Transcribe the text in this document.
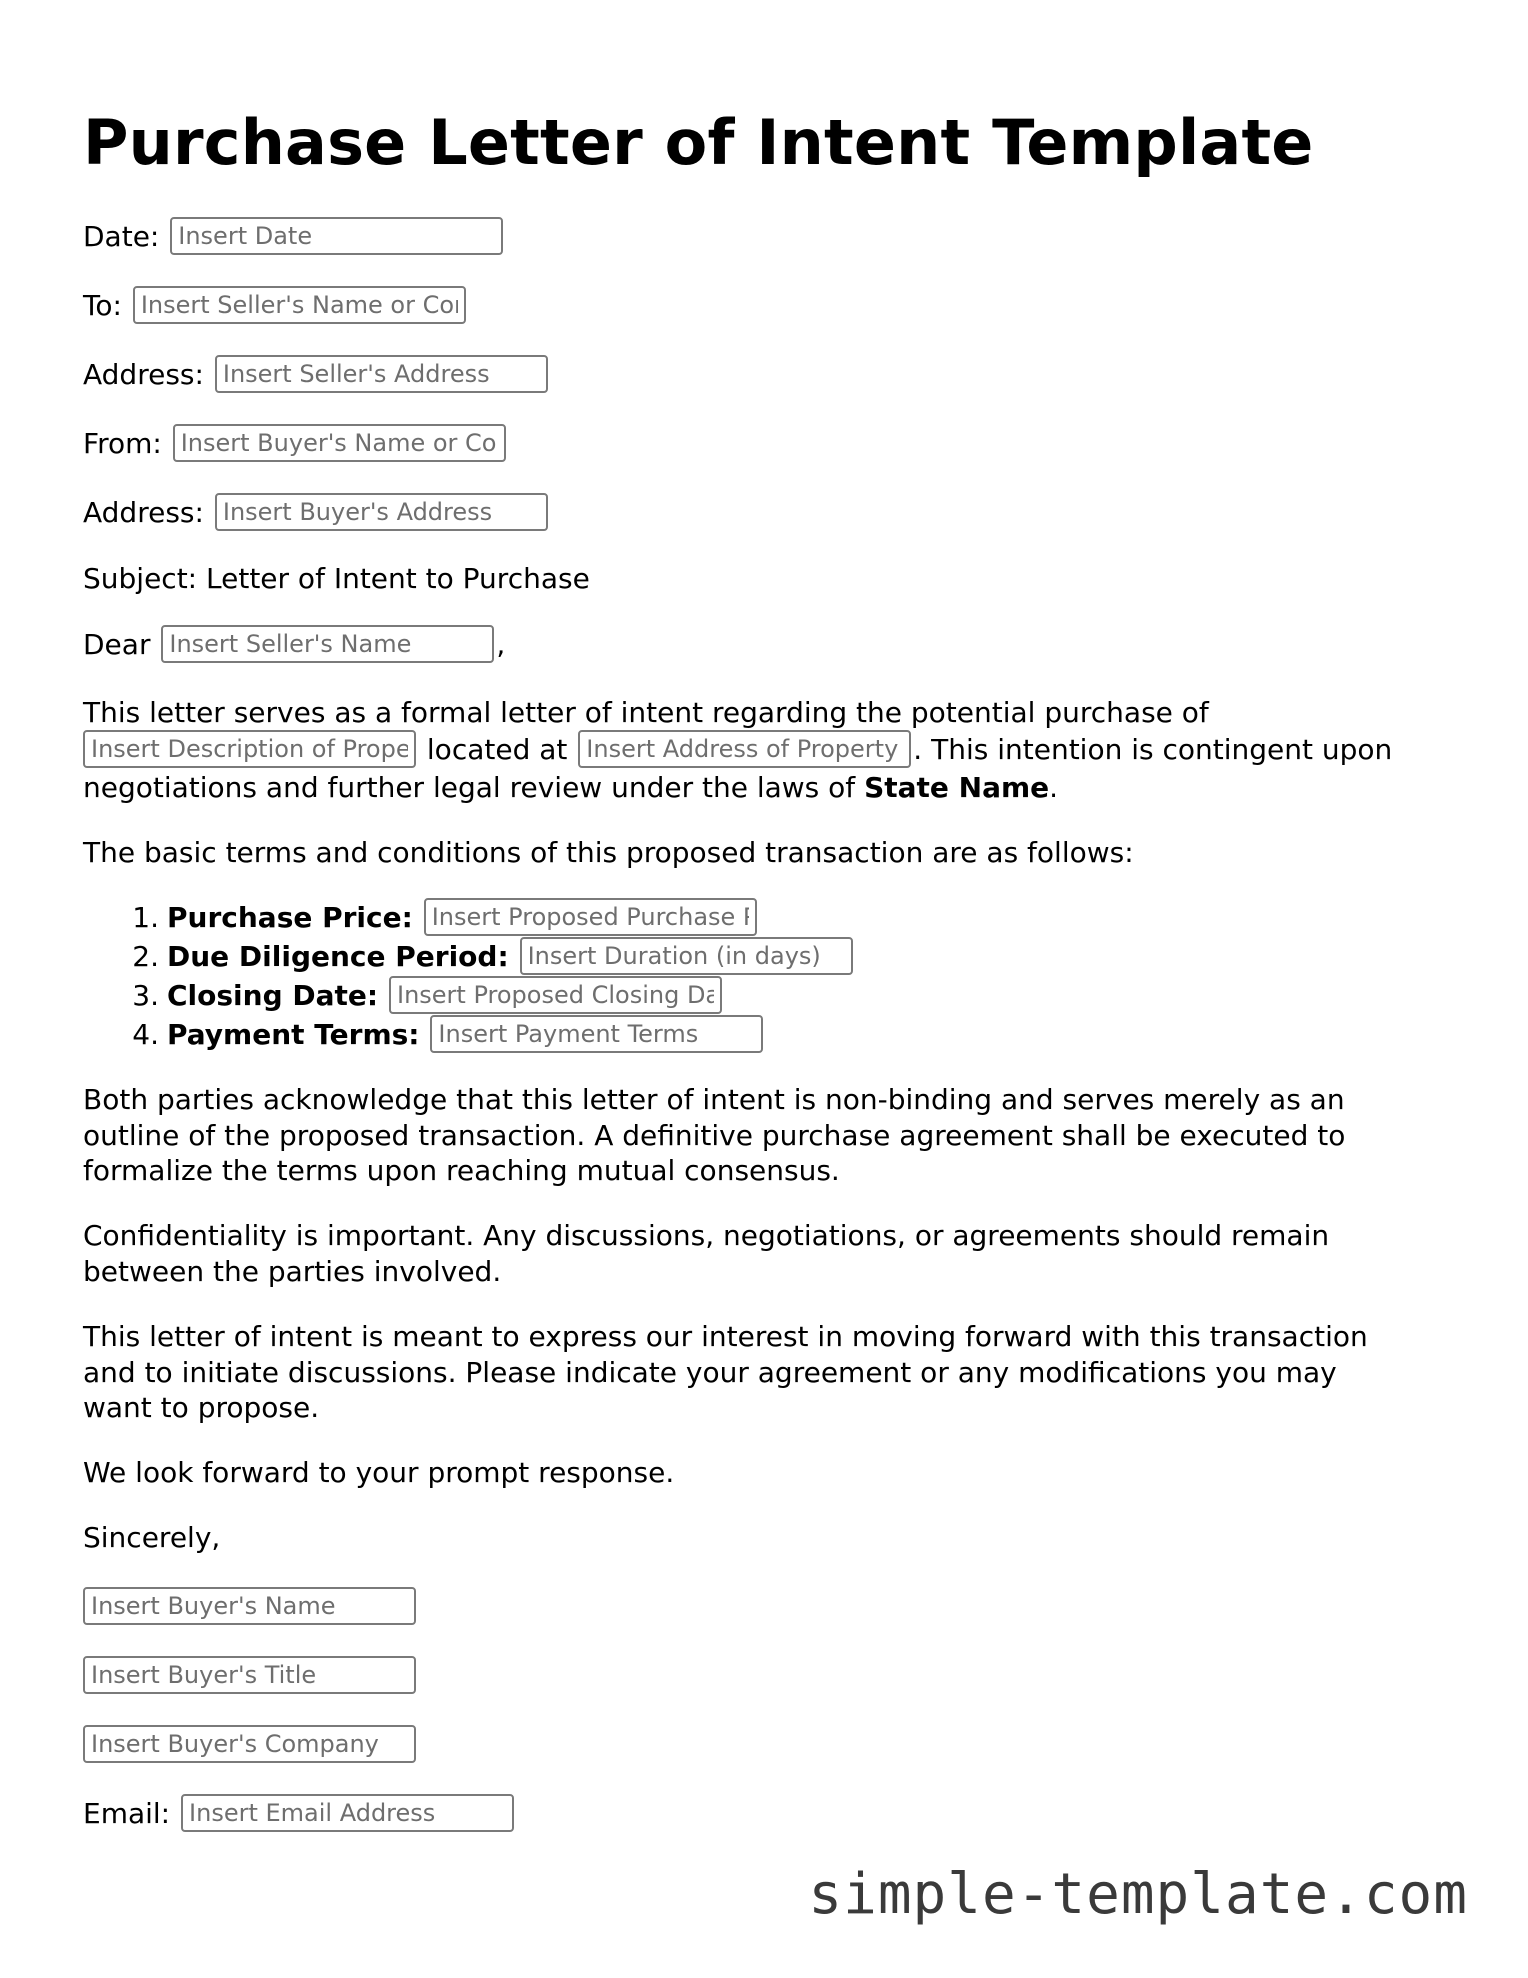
Purchase Letter of Intent Template
Date: Insert Date
To: Insert Seller's Name or Company
Address: Insert Seller's Address
From: Insert Buyer's Name or Company
Address: Insert Buyer's Address
Subject: Letter of Intent to Purchase
Dear Insert Seller's Name	,
This letter serves as a formal letter of intent regarding the potential purchase of
Insert Description of Property located at Insert Address of Property	. This intention is contingent upon
negotiations and further legal review under the laws of State Name.
The basic terms and conditions of this proposed transaction are as follows:
1. Purchase Price: Insert Proposed Purchase Price
2. Due Diligence Period: Insert Duration (in days)
3. Closing Date: Insert Proposed Closing Date
4. Payment Terms: Insert Payment Terms
Both parties acknowledge that this letter of intent is non-binding and serves merely as an outline of the proposed transaction. A definitive purchase agreement shall be executed to formalize the terms upon reaching mutual consensus.
Confidentiality is important. Any discussions, negotiations, or agreements should remain between the parties involved.
This letter of intent is meant to express our interest in moving forward with this transaction and to initiate discussions. Please indicate your agreement or any modifications you may want to propose.
We look forward to your prompt response.
Sincerely,
Insert Buyer's Name
Insert Buyer's Title
Insert Buyer's Company
Email: Insert Email Address
simple-template.com
